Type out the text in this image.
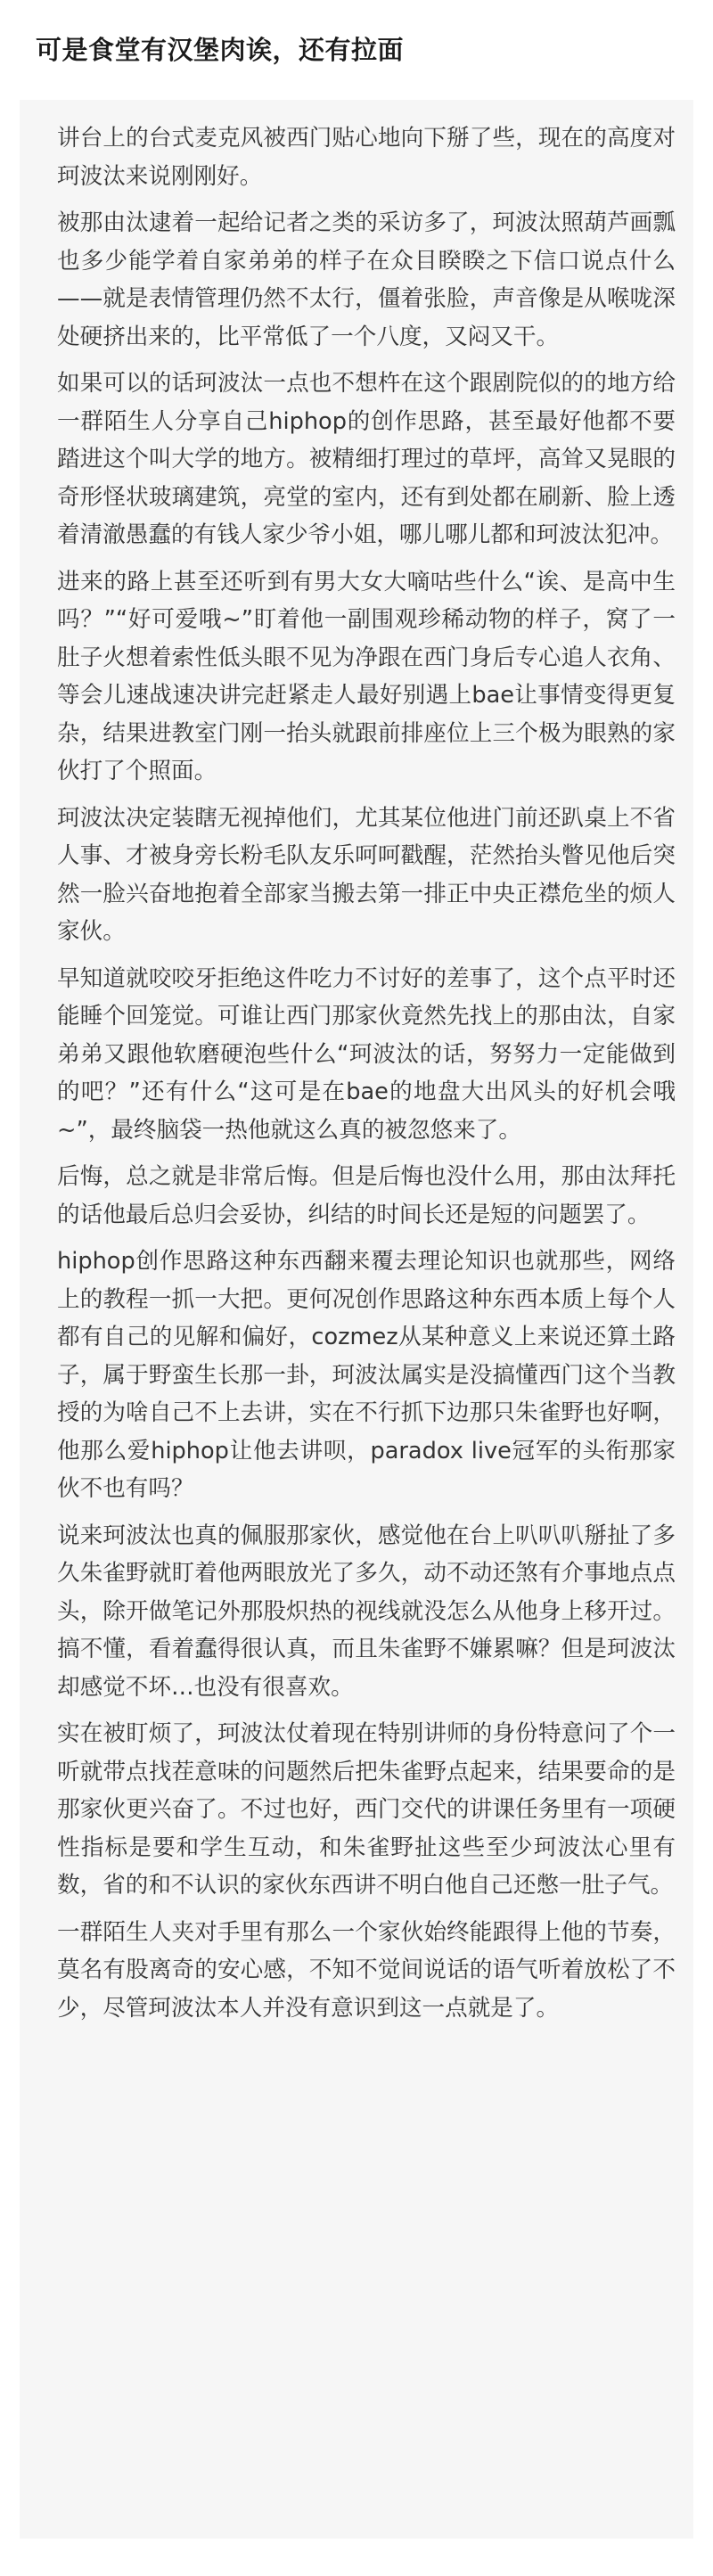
可是食堂有汉堡肉诶，还有拉面

讲台上的台式麦克风被西门贴心地向下掰了些，现在的高度对珂波汰来说刚刚好。

被那由汰逮着一起给记者之类的采访多了，珂波汰照葫芦画瓢也多少能学着自家弟弟的样子在众目睽睽之下信口说点什么——就是表情管理仍然不太行，僵着张脸，声音像是从喉咙深处硬挤出来的，比平常低了一个八度，又闷又干。

如果可以的话珂波汰一点也不想杵在这个跟剧院似的的地方给一群陌生人分享自己hiphop的创作思路，甚至最好他都不要踏进这个叫大学的地方。被精细打理过的草坪，高耸又晃眼的奇形怪状玻璃建筑，亮堂的室内，还有到处都在刷新、脸上透着清澈愚蠢的有钱人家少爷小姐，哪儿哪儿都和珂波汰犯冲。

进来的路上甚至还听到有男大女大嘀咕些什么“诶、是高中生吗？”“好可爱哦~”盯着他一副围观珍稀动物的样子，窝了一肚子火想着索性低头眼不见为净跟在西门身后专心追人衣角、等会儿速战速决讲完赶紧走人最好别遇上bae让事情变得更复杂，结果进教室门刚一抬头就跟前排座位上三个极为眼熟的家伙打了个照面。

珂波汰决定装瞎无视掉他们，尤其某位他进门前还趴桌上不省人事、才被身旁长粉毛队友乐呵呵戳醒，茫然抬头瞥见他后突然一脸兴奋地抱着全部家当搬去第一排正中央正襟危坐的烦人家伙。

早知道就咬咬牙拒绝这件吃力不讨好的差事了，这个点平时还能睡个回笼觉。可谁让西门那家伙竟然先找上的那由汰，自家弟弟又跟他软磨硬泡些什么“珂波汰的话，努努力一定能做到的吧？”还有什么“这可是在bae的地盘大出风头的好机会哦~”，最终脑袋一热他就这么真的被忽悠来了。

后悔，总之就是非常后悔。但是后悔也没什么用，那由汰拜托的话他最后总归会妥协，纠结的时间长还是短的问题罢了。

hiphop创作思路这种东西翻来覆去理论知识也就那些，网络上的教程一抓一大把。更何况创作思路这种东西本质上每个人都有自己的见解和偏好，cozmez从某种意义上来说还算土路子，属于野蛮生长那一卦，珂波汰属实是没搞懂西门这个当教授的为啥自己不上去讲，实在不行抓下边那只朱雀野也好啊，他那么爱hiphop让他去讲呗，paradox live冠军的头衔那家伙不也有吗？

说来珂波汰也真的佩服那家伙，感觉他在台上叭叭叭掰扯了多久朱雀野就盯着他两眼放光了多久，动不动还煞有介事地点点头，除开做笔记外那股炽热的视线就没怎么从他身上移开过。搞不懂，看着蠢得很认真，而且朱雀野不嫌累嘛？但是珂波汰却感觉不坏…也没有很喜欢。

实在被盯烦了，珂波汰仗着现在特别讲师的身份特意问了个一听就带点找茬意味的问题然后把朱雀野点起来，结果要命的是那家伙更兴奋了。不过也好，西门交代的讲课任务里有一项硬性指标是要和学生互动，和朱雀野扯这些至少珂波汰心里有数，省的和不认识的家伙东西讲不明白他自己还憋一肚子气。

一群陌生人夹对手里有那么一个家伙始终能跟得上他的节奏，莫名有股离奇的安心感，不知不觉间说话的语气听着放松了不少，尽管珂波汰本人并没有意识到这一点就是了。
